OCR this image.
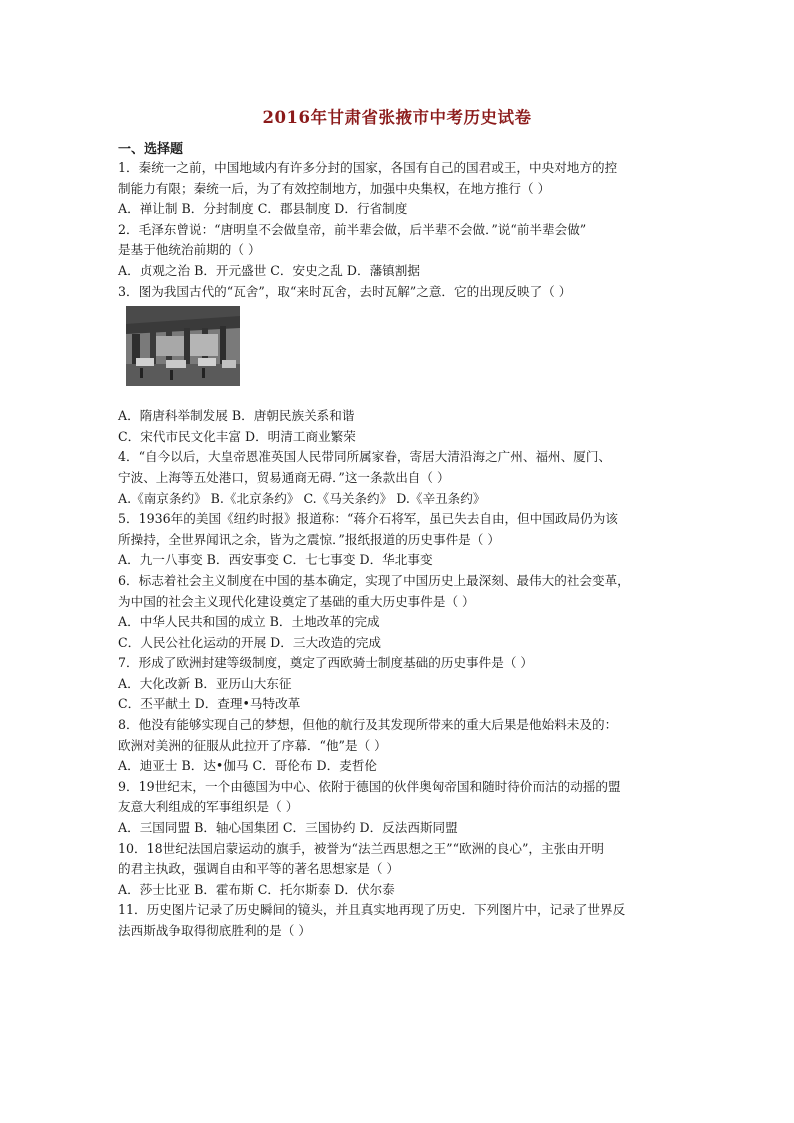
2016年甘肃省张掖市中考历史试卷
一、选择题
1．秦统一之前，中国地域内有许多分封的国家，各国有自己的国君或王，中央对地方的控
制能力有限；秦统一后，为了有效控制地方，加强中央集权，在地方推行（ ）
A．禅让制 B．分封制度 C．郡县制度 D．行省制度
2．毛泽东曾说：“唐明皇不会做皇帝，前半辈会做，后半辈不会做．”说“前半辈会做”
是基于他统治前期的（ ）
A．贞观之治 B．开元盛世 C．安史之乱 D．藩镇割据
3．图为我国古代的“瓦舍”，取“来时瓦舍，去时瓦解”之意．它的出现反映了（ ）
A．隋唐科举制发展 B．唐朝民族关系和谐
C．宋代市民文化丰富 D．明清工商业繁荣
4．“自今以后，大皇帝恩准英国人民带同所属家眷，寄居大清沿海之广州、福州、厦门、
宁波、上海等五处港口，贸易通商无碍．”这一条款出自（ ）
A.《南京条约》 B.《北京条约》 C.《马关条约》 D.《辛丑条约》
5．1936年的美国《纽约时报》报道称：“蒋介石将军，虽已失去自由，但中国政局仍为该
所操持，全世界闻讯之余，皆为之震惊．”报纸报道的历史事件是（ ）
A．九一八事变 B．西安事变 C．七七事变 D．华北事变
6．标志着社会主义制度在中国的基本确定，实现了中国历史上最深刻、最伟大的社会变革，
为中国的社会主义现代化建设奠定了基础的重大历史事件是（ ）
A．中华人民共和国的成立 B．土地改革的完成
C．人民公社化运动的开展 D．三大改造的完成
7．形成了欧洲封建等级制度，奠定了西欧骑士制度基础的历史事件是（ ）
A．大化改新 B．亚历山大东征
C．丕平献土 D．查理•马特改革
8．他没有能够实现自己的梦想，但他的航行及其发现所带来的重大后果是他始料未及的：
欧洲对美洲的征服从此拉开了序幕．“他”是（ ）
A．迪亚士 B．达•伽马 C．哥伦布 D．麦哲伦
9．19世纪末，一个由德国为中心、依附于德国的伙伴奥匈帝国和随时待价而沽的动摇的盟
友意大利组成的军事组织是（ ）
A．三国同盟 B．轴心国集团 C．三国协约 D．反法西斯同盟
10．18世纪法国启蒙运动的旗手，被誉为“法兰西思想之王”“欧洲的良心”，主张由开明
的君主执政，强调自由和平等的著名思想家是（ ）
A．莎士比亚 B．霍布斯 C．托尔斯泰 D．伏尔泰
11．历史图片记录了历史瞬间的镜头，并且真实地再现了历史．下列图片中，记录了世界反
法西斯战争取得彻底胜利的是（ ）
